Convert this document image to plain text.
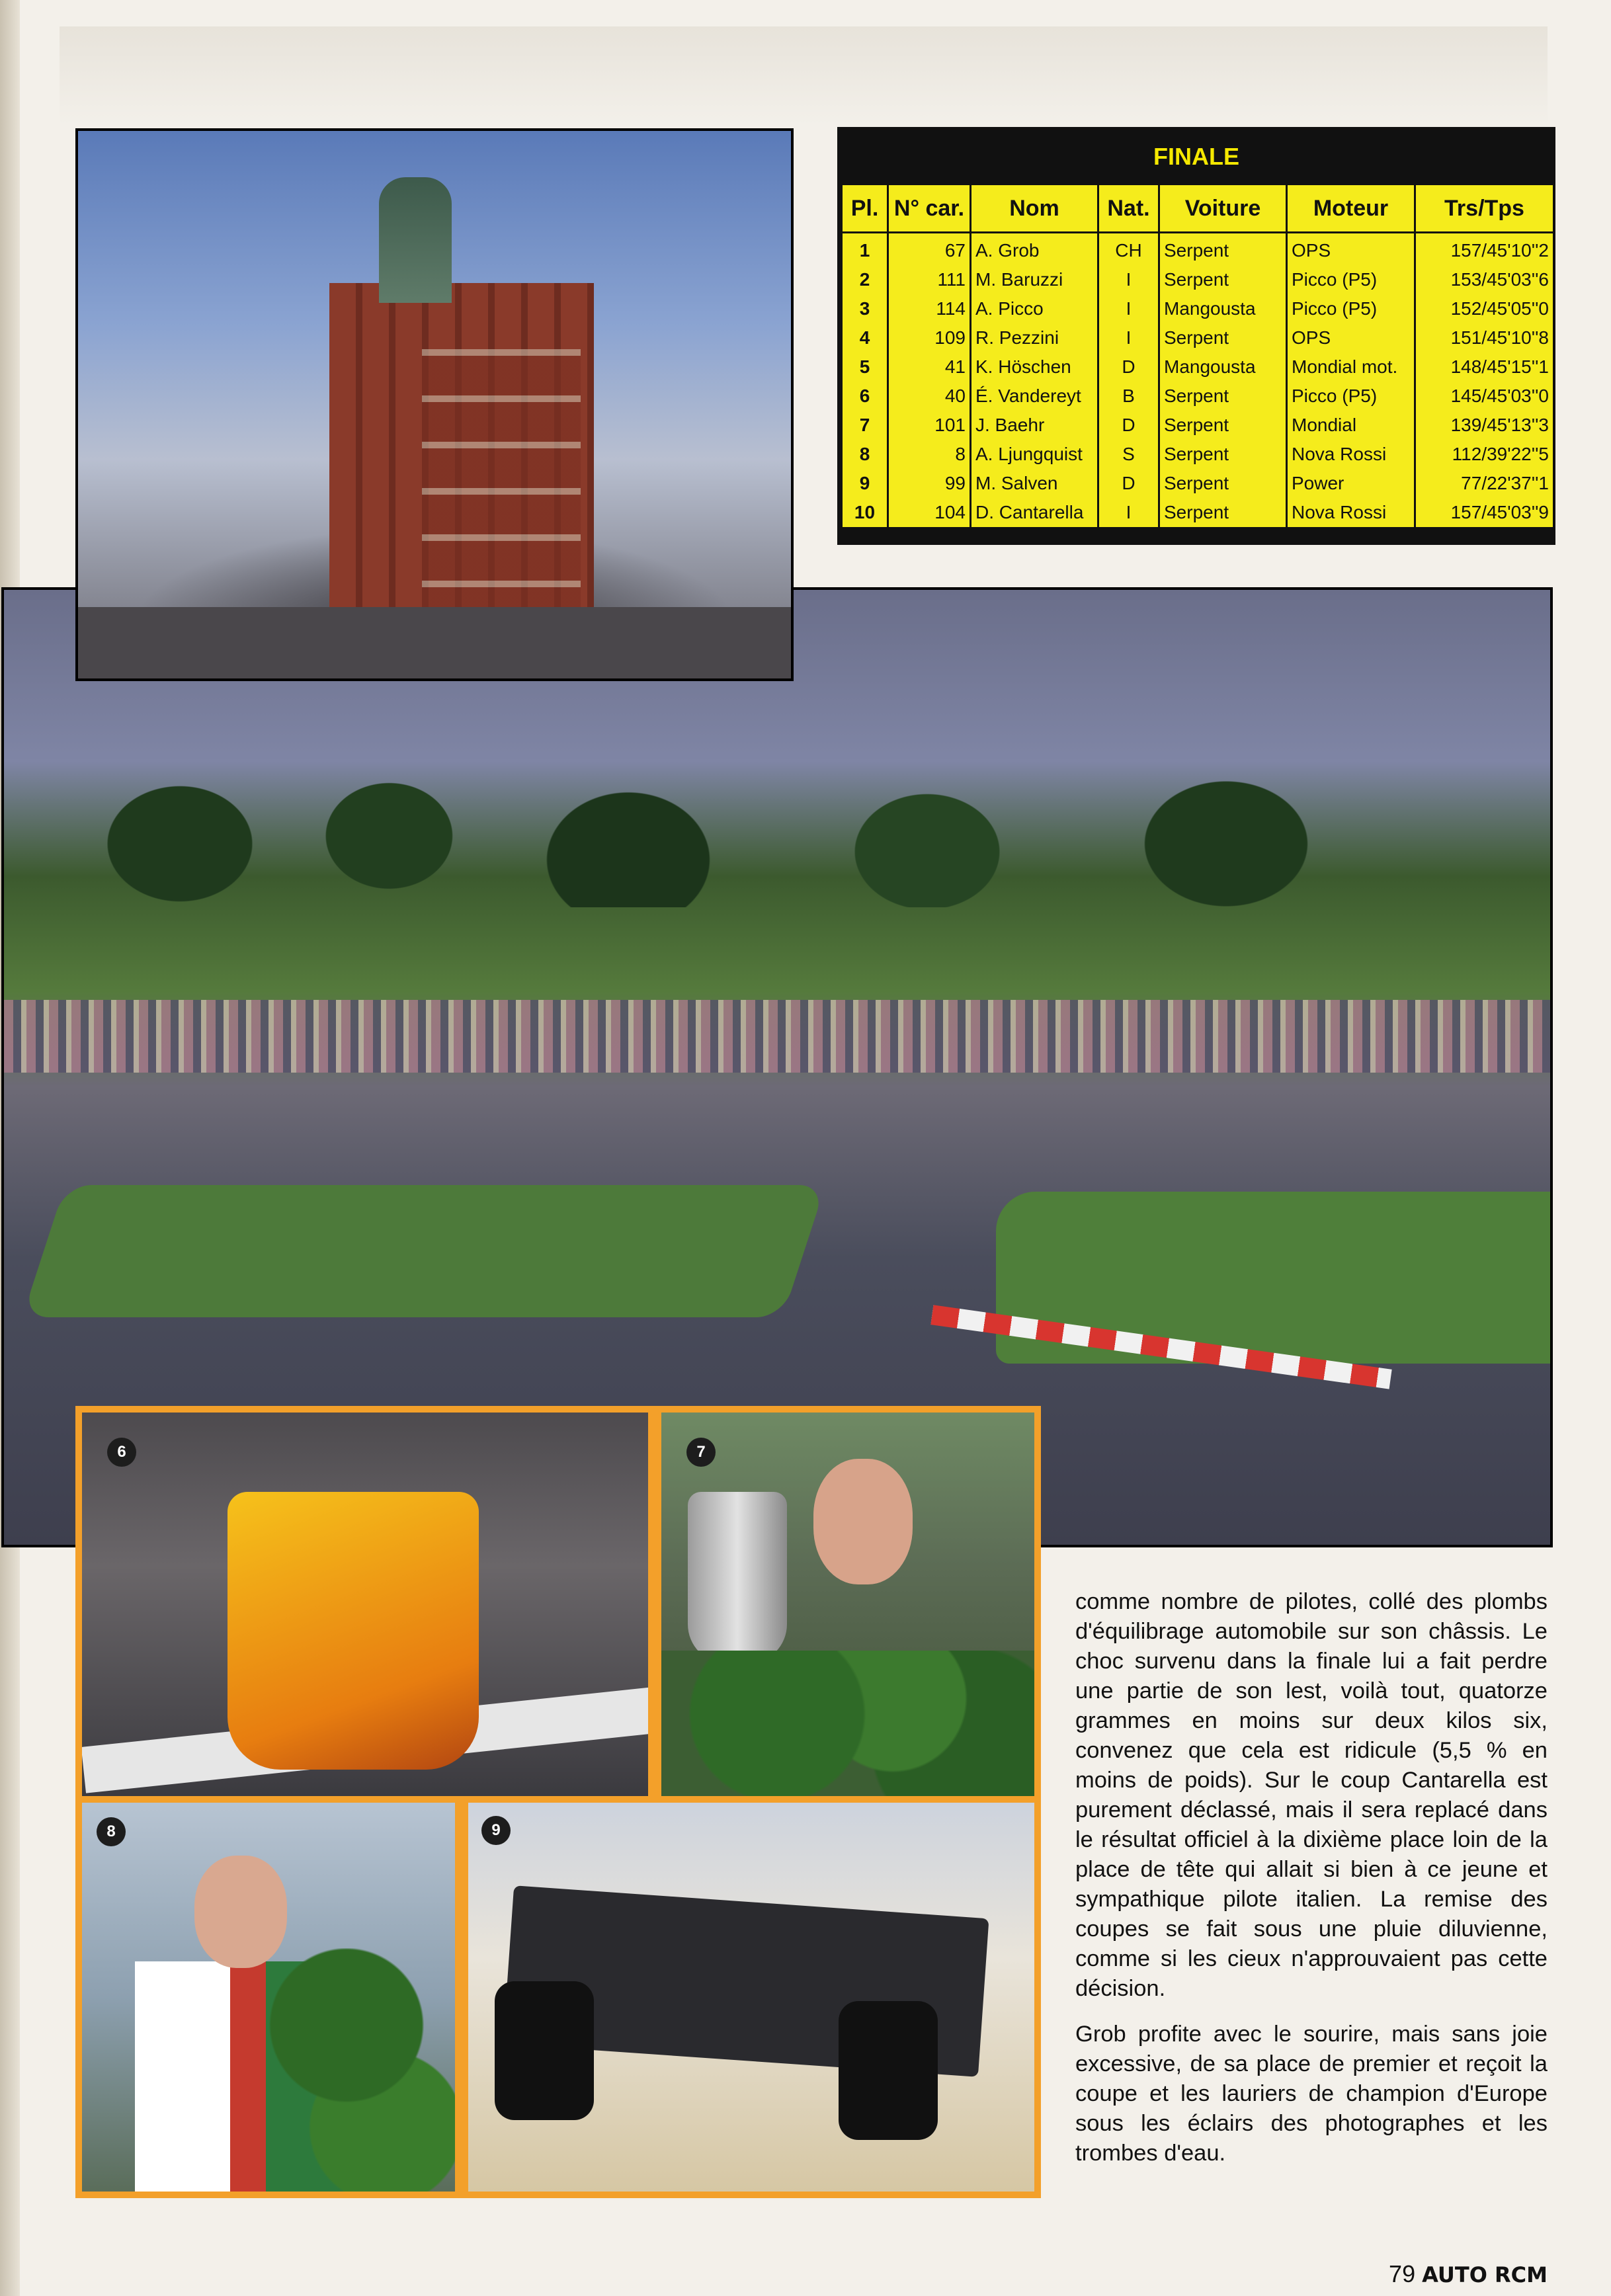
FINALE
Pl.	N° car.	Nom	Nat.	Voiture	Moteur	Trs/Tps
1	67	A. Grob	CH	Serpent	OPS	157/45'10''2
2	111	M. Baruzzi	I	Serpent	Picco (P5)	153/45'03''6
3	114	A. Picco	I	Mangousta	Picco (P5)	152/45'05''0
4	109	R. Pezzini	I	Serpent	OPS	151/45'10''8
5	41	K. Höschen	D	Mangousta	Mondial mot.	148/45'15''1
6	40	É. Vandereyt	B	Serpent	Picco (P5)	145/45'03''0
7	101	J. Baehr	D	Serpent	Mondial	139/45'13''3
8	8	A. Ljungquist	S	Serpent	Nova Rossi	112/39'22''5
9	99	M. Salven	D	Serpent	Power	77/22'37''1
10	104	D. Cantarella	I	Serpent	Nova Rossi	157/45'03''9
6	7
8	9

comme nombre de pilotes, collé des plombs d'équilibrage automobile sur son châssis. Le choc survenu dans la finale lui a fait perdre une partie de son lest, voilà tout, quatorze grammes en moins sur deux kilos six, convenez que cela est ridicule (5,5 % en moins de poids). Sur le coup Cantarella est purement déclassé, mais il sera replacé dans le résultat officiel à la dixième place loin de la place de tête qui allait si bien à ce jeune et sympathique pilote italien. La remise des coupes se fait sous une pluie diluvienne, comme si les cieux n'approuvaient pas cette décision.

Grob profite avec le sourire, mais sans joie excessive, de sa place de premier et reçoit la coupe et les lauriers de champion d'Europe sous les éclairs des photographes et les trombes d'eau.

79 AUTO RCM
